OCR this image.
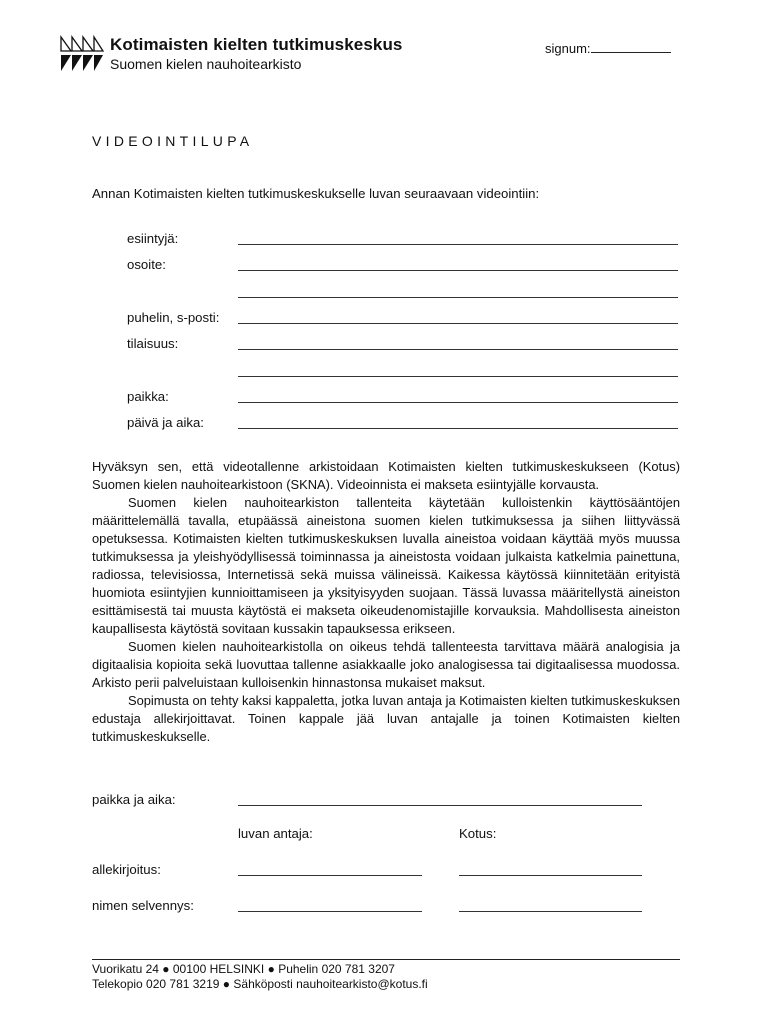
Kotimaisten kielten tutkimuskeskus
Suomen kielen nauhoitearkisto
signum:
VIDEOINTILUPA
Annan Kotimaisten kielten tutkimuskeskukselle luvan seuraavaan videointiin:
esiintyjä:
osoite:
puhelin, s-posti:
tilaisuus:
paikka:
päivä ja aika:

Hyväksyn sen, että videotallenne arkistoidaan Kotimaisten kielten tutkimuskeskukseen (Kotus) Suomen kielen nauhoitearkistoon (SKNA). Videoinnista ei makseta esiintyjälle korvausta.

Suomen kielen nauhoitearkiston tallenteita käytetään kulloistenkin käyttösääntöjen määrittelemällä tavalla, etupäässä aineistona suomen kielen tutkimuksessa ja siihen liittyvässä opetuksessa. Kotimaisten kielten tutkimuskeskuksen luvalla aineistoa voidaan käyttää myös muussa tutkimuksessa ja yleishyödyllisessä toiminnassa ja aineistosta voidaan julkaista katkelmia painettuna, radiossa, televisiossa, Internetissä sekä muissa välineissä. Kaikessa käytössä kiinnitetään erityistä huomiota esiintyjien kunnioittamiseen ja yksityisyyden suojaan. Tässä luvassa määritellystä aineiston esittämisestä tai muusta käytöstä ei makseta oikeudenomistajille korvauksia. Mahdollisesta aineiston kaupallisesta käytöstä sovitaan kussakin tapauksessa erikseen.

Suomen kielen nauhoitearkistolla on oikeus tehdä tallenteesta tarvittava määrä analogisia ja digitaalisia kopioita sekä luovuttaa tallenne asiakkaalle joko analogisessa tai digitaalisessa muodossa. Arkisto perii palveluistaan kulloisenkin hinnastonsa mukaiset maksut.

Sopimusta on tehty kaksi kappaletta, jotka luvan antaja ja Kotimaisten kielten tutkimuskeskuksen edustaja allekirjoittavat. Toinen kappale jää luvan antajalle ja toinen Kotimaisten kielten tutkimuskeskukselle.

paikka ja aika:
luvan antaja:	Kotus:
allekirjoitus:
nimen selvennys:
Vuorikatu 24 ● 00100 HELSINKI ● Puhelin 020 781 3207
Telekopio 020 781 3219 ● Sähköposti nauhoitearkisto@kotus.fi
